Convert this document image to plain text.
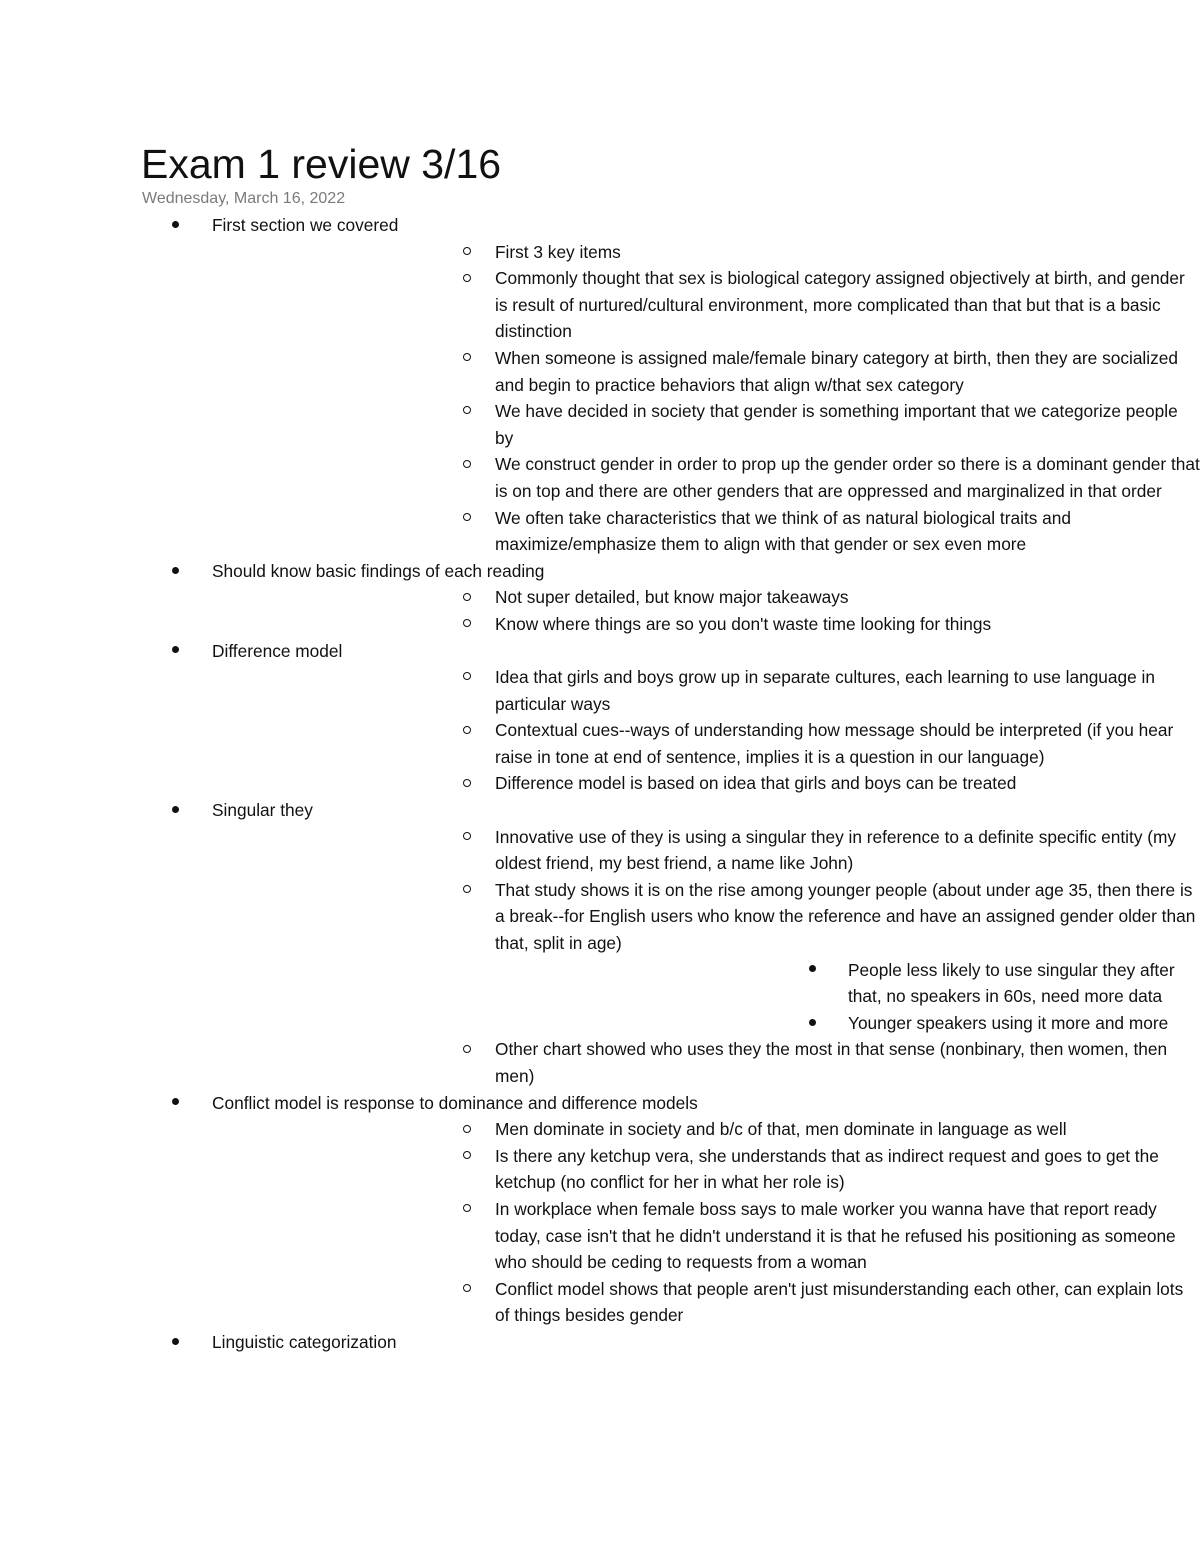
Exam 1 review 3/16
Wednesday, March 16, 2022
First section we covered
First 3 key items
Commonly thought that sex is biological category assigned objectively at birth, and gender is result of nurtured/cultural environment, more complicated than that but that is a basic distinction
When someone is assigned male/female binary category at birth, then they are socialized and begin to practice behaviors that align w/that sex category
We have decided in society that gender is something important that we categorize people by
We construct gender in order to prop up the gender order so there is a dominant gender that is on top and there are other genders that are oppressed and marginalized in that order
We often take characteristics that we think of as natural biological traits and maximize/emphasize them to align with that gender or sex even more
Should know basic findings of each reading
Not super detailed, but know major takeaways
Know where things are so you don't waste time looking for things
Difference model
Idea that girls and boys grow up in separate cultures, each learning to use language in particular ways
Contextual cues--ways of understanding how message should be interpreted (if you hear raise in tone at end of sentence, implies it is a question in our language)
Difference model is based on idea that girls and boys can be treated
Singular they
Innovative use of they is using a singular they in reference to a definite specific entity (my oldest friend, my best friend, a name like John)
That study shows it is on the rise among younger people (about under age 35, then there is a break--for English users who know the reference and have an assigned gender older than that, split in age)
People less likely to use singular they after that, no speakers in 60s, need more data
Younger speakers using it more and more
Other chart showed who uses they the most in that sense (nonbinary, then women, then men)
Conflict model is response to dominance and difference models
Men dominate in society and b/c of that, men dominate in language as well
Is there any ketchup vera, she understands that as indirect request and goes to get the ketchup (no conflict for her in what her role is)
In workplace when female boss says to male worker you wanna have that report ready today, case isn't that he didn't understand it is that he refused his positioning as someone who should be ceding to requests from a woman
Conflict model shows that people aren't just misunderstanding each other, can explain lots of things besides gender
Linguistic categorization
